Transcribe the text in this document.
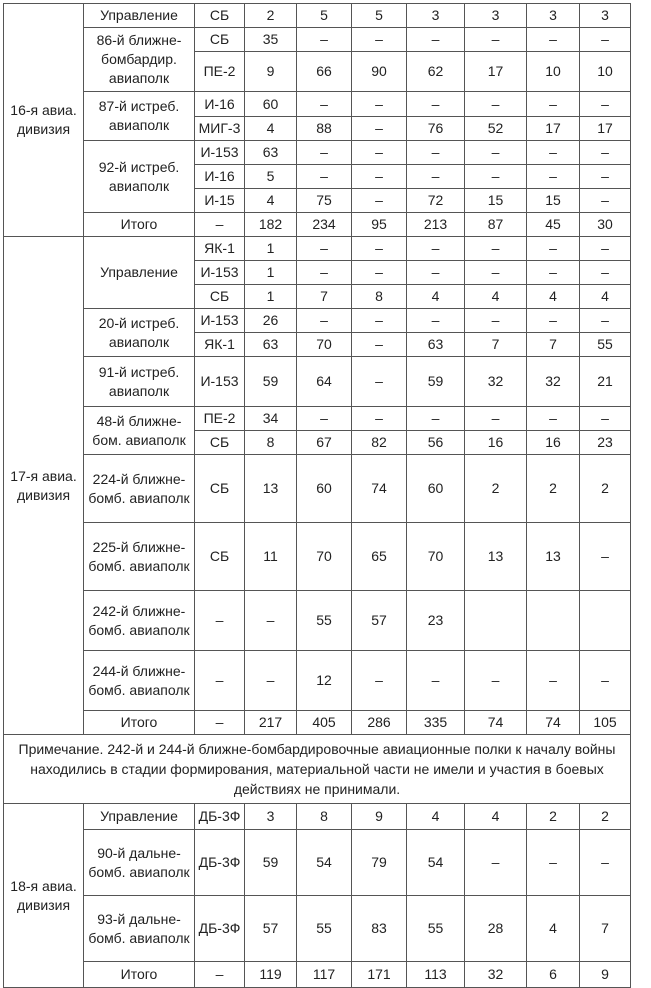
16-я авиа. дивизия	Управление	СБ	2	5	5	3	3	3	3
	86-й ближне-бомбардир. авиаполк	СБ	35	–	–	–	–	–	–
		ПЕ-2	9	66	90	62	17	10	10
	87-й истреб. авиаполк	И-16	60	–	–	–	–	–	–
		МИГ-3	4	88	–	76	52	17	17
	92-й истреб. авиаполк	И-153	63	–	–	–	–	–	–
		И-16	5	–	–	–	–	–	–
		И-15	4	75	–	72	15	15	–
	Итого	–	182	234	95	213	87	45	30
17-я авиа. дивизия	Управление	ЯК-1	1	–	–	–	–	–	–
		И-153	1	–	–	–	–	–	–
		СБ	1	7	8	4	4	4	4
	20-й истреб. авиаполк	И-153	26	–	–	–	–	–	–
		ЯК-1	63	70	–	63	7	7	55
	91-й истреб. авиаполк	И-153	59	64	–	59	32	32	21
	48-й ближне-бом. авиаполк	ПЕ-2	34	–	–	–	–	–	–
		СБ	8	67	82	56	16	16	23
	224-й ближне-бомб. авиаполк	СБ	13	60	74	60	2	2	2
	225-й ближне-бомб. авиаполк	СБ	11	70	65	70	13	13	–
	242-й ближне-бомб. авиаполк	–	–	55	57	23			
	244-й ближне-бомб. авиаполк	–	–	12	–	–	–	–	–
	Итого	–	217	405	286	335	74	74	105
Примечание. 242-й и 244-й ближне-бомбардировочные авиационные полки к началу войны находились в стадии формирования, материальной части не имели и участия в боевых действиях не принимали.									
18-я авиа. дивизия	Управление	ДБ-3Ф	3	8	9	4	4	2	2
	90-й дальне-бомб. авиаполк	ДБ-3Ф	59	54	79	54	–	–	–
	93-й дальне-бомб. авиаполк	ДБ-3Ф	57	55	83	55	28	4	7
	Итого	–	119	117	171	113	32	6	9
